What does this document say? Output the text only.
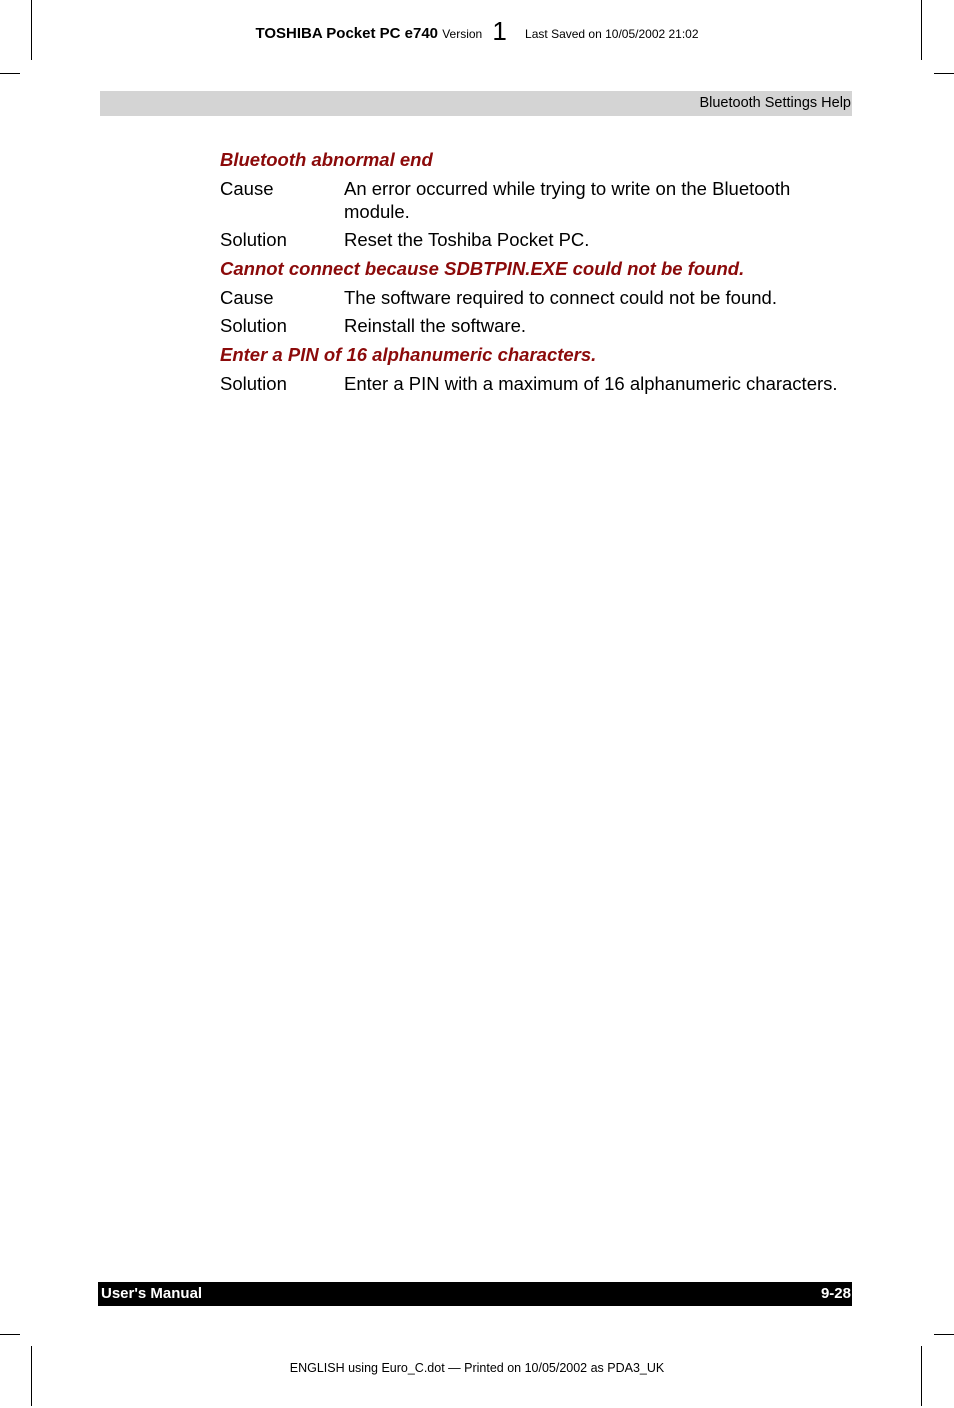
TOSHIBA Pocket PC e740 Version 1 Last Saved on 10/05/2002 21:02
Bluetooth Settings Help
Bluetooth abnormal end
Cause	An error occurred while trying to write on the Bluetooth module.
Solution	Reset the Toshiba Pocket PC.
Cannot connect because SDBTPIN.EXE could not be found.
Cause	The software required to connect could not be found.
Solution	Reinstall the software.
Enter a PIN of 16 alphanumeric characters.
Solution	Enter a PIN with a maximum of 16 alphanumeric characters.
User's Manual	9-28
ENGLISH using Euro_C.dot — Printed on 10/05/2002 as PDA3_UK
